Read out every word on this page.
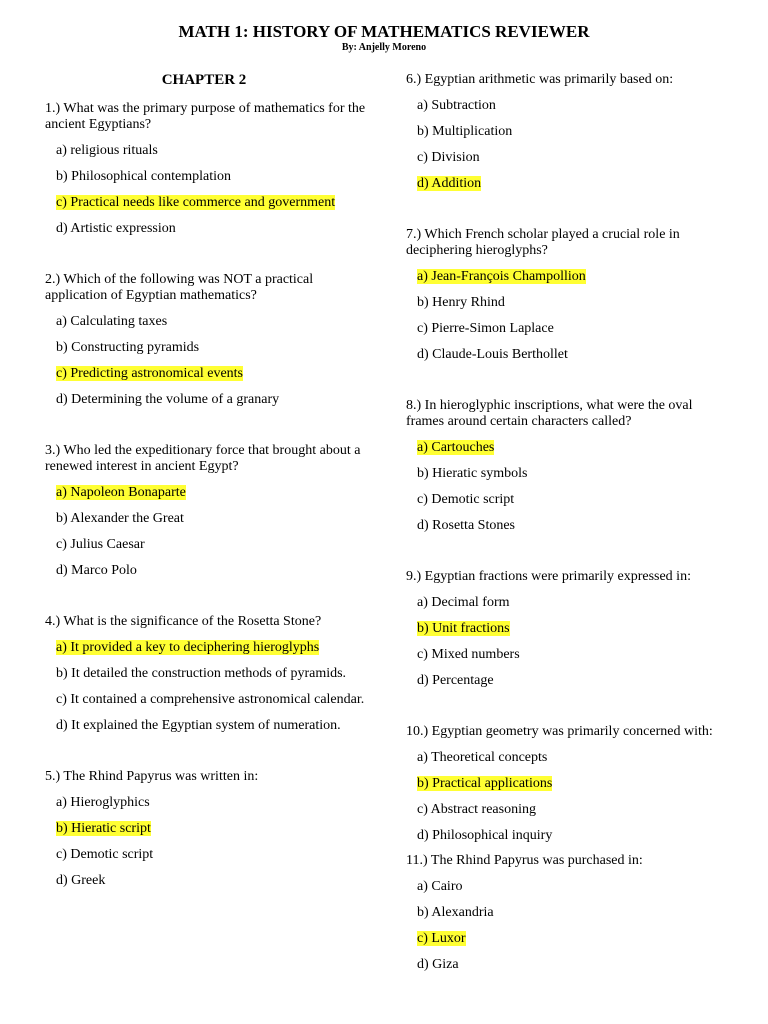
MATH 1: HISTORY OF MATHEMATICS REVIEWER
By: Anjelly Moreno
CHAPTER 2
1.) What was the primary purpose of mathematics for the ancient Egyptians?
a) religious rituals
b) Philosophical contemplation
c) Practical needs like commerce and government
d) Artistic expression
2.) Which of the following was NOT a practical application of Egyptian mathematics?
a) Calculating taxes
b) Constructing pyramids
c) Predicting astronomical events
d) Determining the volume of a granary
3.) Who led the expeditionary force that brought about a renewed interest in ancient Egypt?
a) Napoleon Bonaparte
b) Alexander the Great
c) Julius Caesar
d) Marco Polo
4.) What is the significance of the Rosetta Stone?
a) It provided a key to deciphering hieroglyphs
b) It detailed the construction methods of pyramids.
c) It contained a comprehensive astronomical calendar.
d) It explained the Egyptian system of numeration.
5.) The Rhind Papyrus was written in:
a) Hieroglyphics
b) Hieratic script
c) Demotic script
d) Greek
6.) Egyptian arithmetic was primarily based on:
a) Subtraction
b) Multiplication
c) Division
d) Addition
7.) Which French scholar played a crucial role in deciphering hieroglyphs?
a) Jean-François Champollion
b) Henry Rhind
c) Pierre-Simon Laplace
d) Claude-Louis Berthollet
8.) In hieroglyphic inscriptions, what were the oval frames around certain characters called?
a) Cartouches
b) Hieratic symbols
c) Demotic script
d) Rosetta Stones
9.) Egyptian fractions were primarily expressed in:
a) Decimal form
b) Unit fractions
c) Mixed numbers
d) Percentage
10.) Egyptian geometry was primarily concerned with:
a) Theoretical concepts
b) Practical applications
c) Abstract reasoning
d) Philosophical inquiry
11.) The Rhind Papyrus was purchased in:
a) Cairo
b) Alexandria
c) Luxor
d) Giza
